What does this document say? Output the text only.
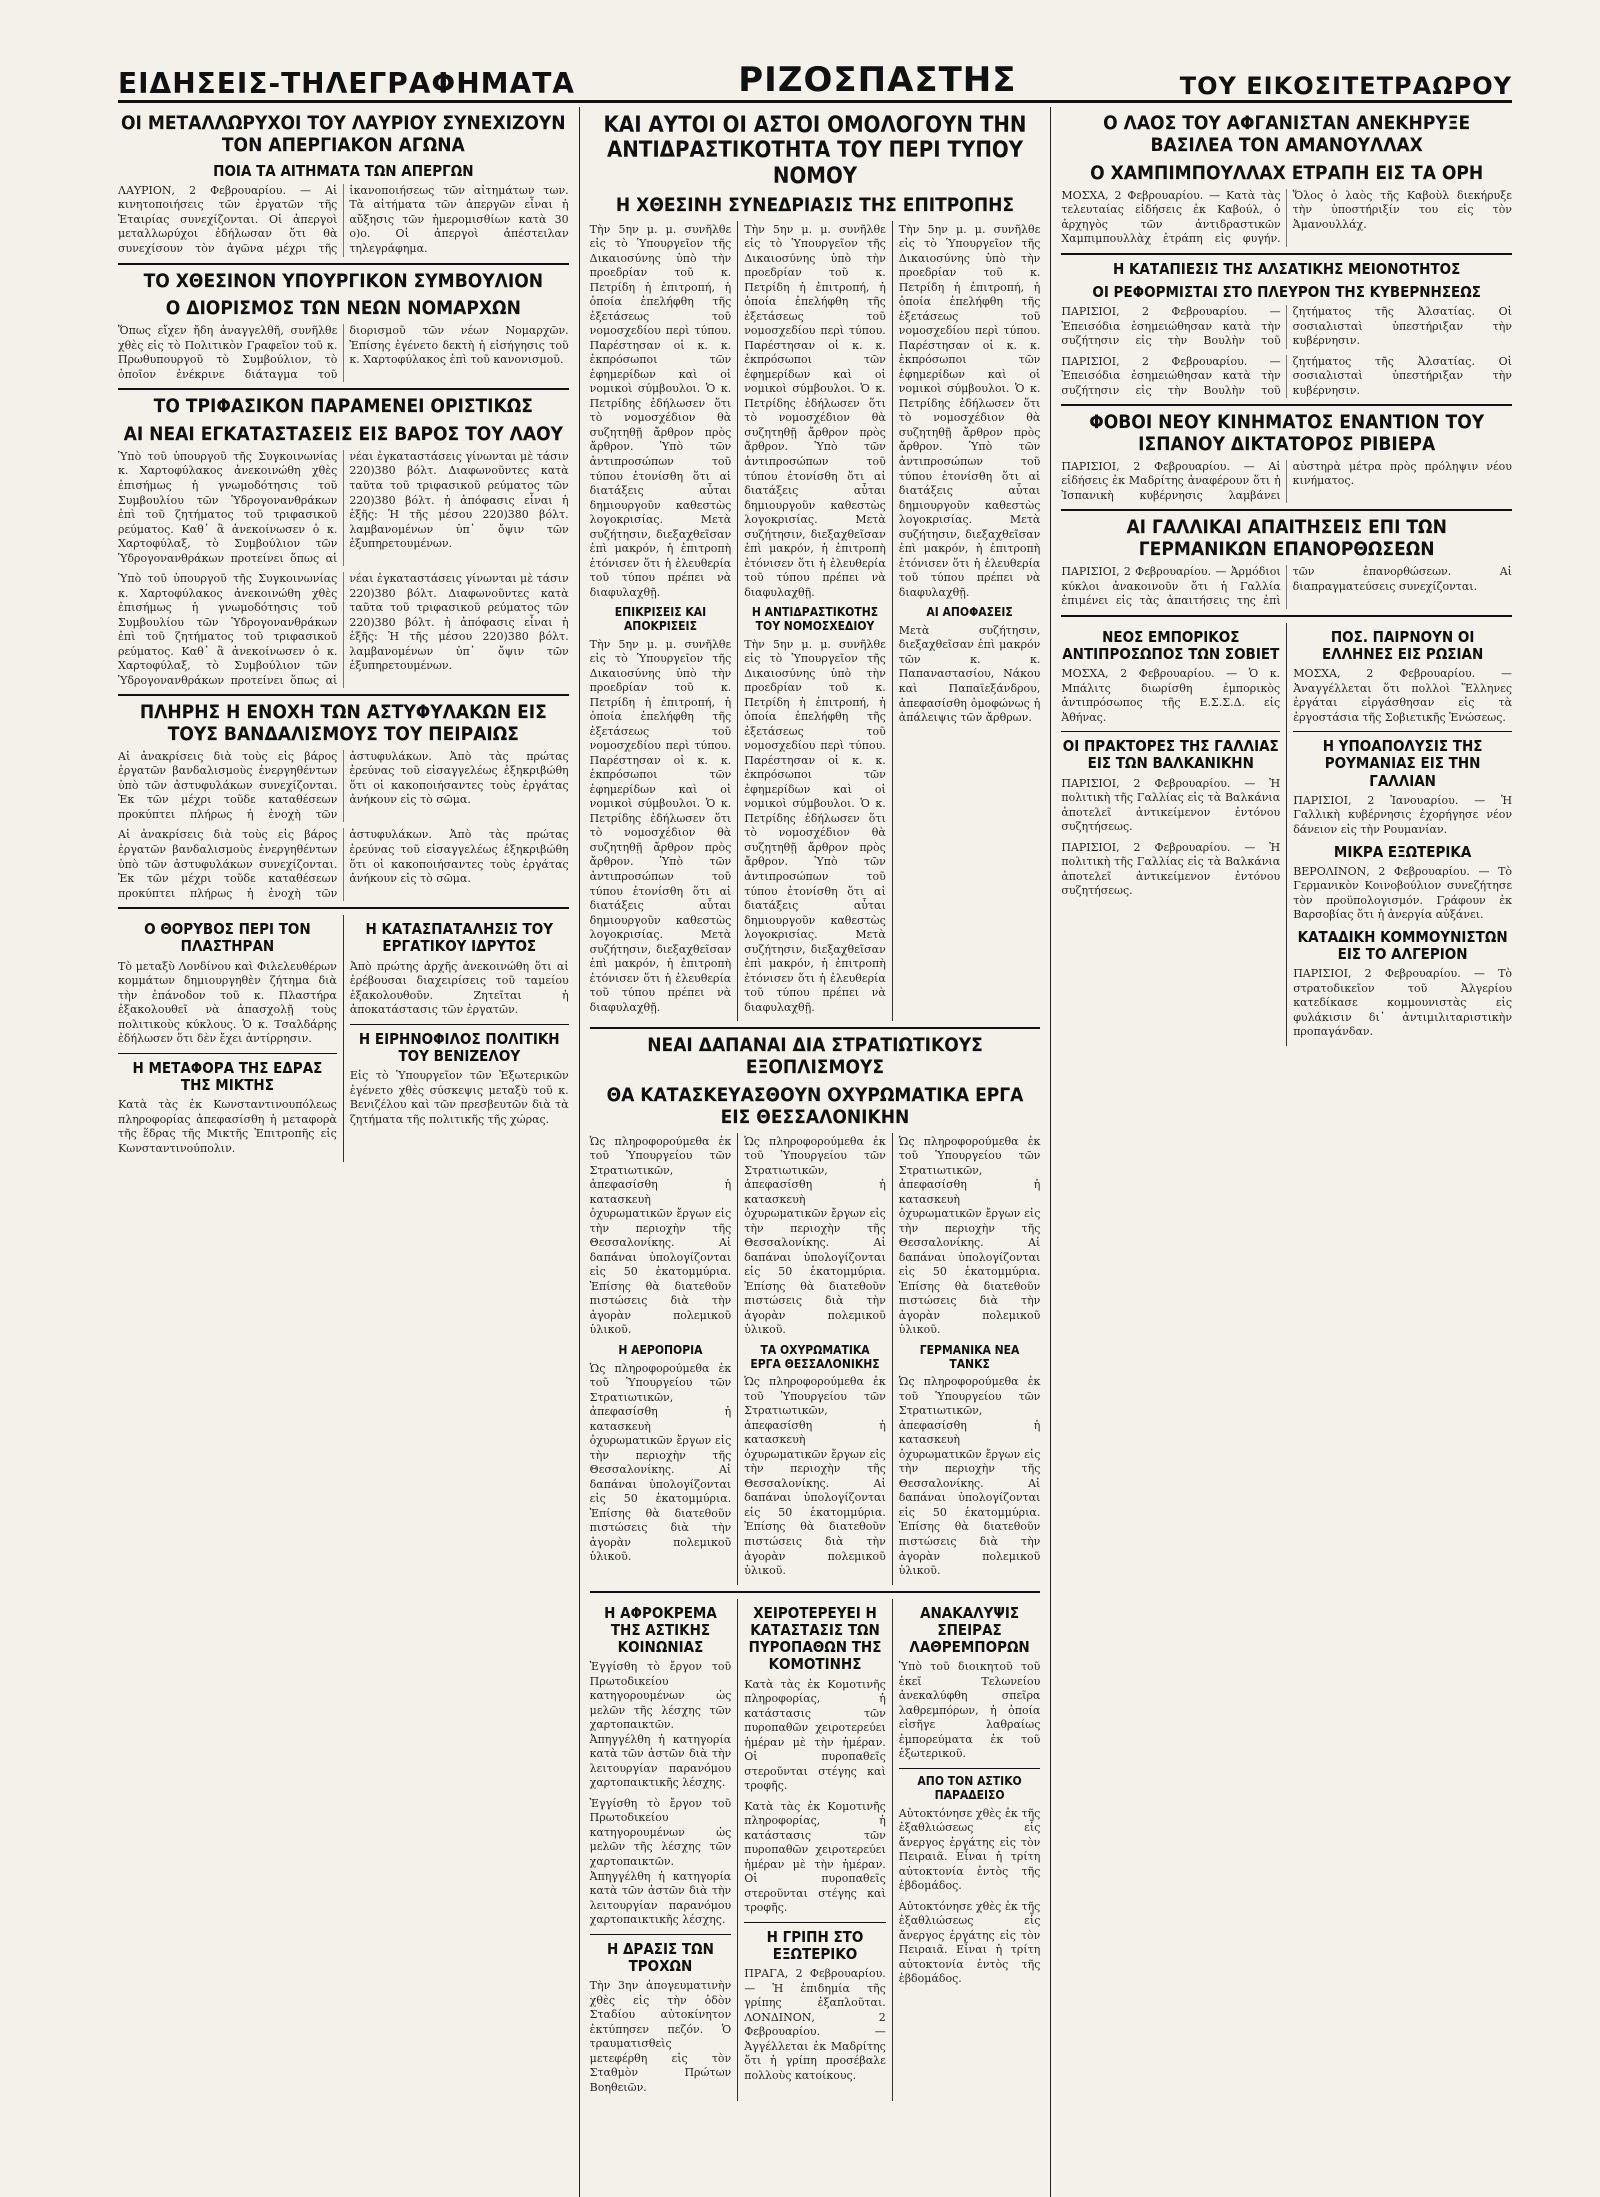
ΕΙΔΗΣΕΙΣ-ΤΗΛΕΓΡΑΦΗΜΑΤΑ	ΡΙΖΟΣΠΑΣΤΗΣ	ΤΟΥ ΕΙΚΟΣΙΤΕΤΡΑΩΡΟΥ
ΟΙ ΜΕΤΑΛΛΩΡΥΧΟΙ ΤΟΥ ΛΑΥΡΙΟΥ ΣΥΝΕΧΙΖΟΥΝ ΤΟΝ ΑΠΕΡΓΙΑΚΟΝ ΑΓΩΝΑ
ΠΟΙΑ ΤΑ ΑΙΤΗΜΑΤΑ ΤΩΝ ΑΠΕΡΓΩΝ
ΛΑΥΡΙΟΝ, 2 Φεβρουαρίου. — Αἱ κινητοποιήσεις τῶν ἐργατῶν τῆς Ἑταιρίας συνεχίζονται. Οἱ ἀπεργοὶ μεταλλωρύχοι ἐδήλωσαν ὅτι θὰ συνεχίσουν τὸν ἀγῶνα μέχρι τῆς ἱκανοποιήσεως τῶν αἰτημάτων των. Τὰ αἰτήματα τῶν ἀπεργῶν εἶναι ἡ αὔξησις τῶν ἡμερομισθίων κατὰ 30 ο)ο. Οἱ ἀπεργοὶ ἀπέστειλαν τηλεγράφημα.
ΤΟ ΧΘΕΣΙΝΟΝ ΥΠΟΥΡΓΙΚΟΝ ΣΥΜΒΟΥΛΙΟΝ
Ο ΔΙΟΡΙΣΜΟΣ ΤΩΝ ΝΕΩΝ ΝΟΜΑΡΧΩΝ
Ὅπως εἴχεν ἤδη ἀναγγελθῆ, συνῆλθε χθὲς εἰς τὸ Πολιτικὸν Γραφεῖον τοῦ κ. Πρωθυπουργοῦ τὸ Συμβούλιον, τὸ ὁποῖον ἐνέκρινε διάταγμα τοῦ διορισμοῦ τῶν νέων Νομαρχῶν. Ἐπίσης ἐγένετο δεκτὴ ἡ εἰσήγησις τοῦ κ. Χαρτοφύλακος ἐπὶ τοῦ κανονισμοῦ.
ΤΟ ΤΡΙΦΑΣΙΚΟΝ ΠΑΡΑΜΕΝΕΙ ΟΡΙΣΤΙΚΩΣ
ΑΙ ΝΕΑΙ ΕΓΚΑΤΑΣΤΑΣΕΙΣ ΕΙΣ ΒΑΡΟΣ ΤΟΥ ΛΑΟΥ
Ὑπὸ τοῦ ὑπουργοῦ τῆς Συγκοινωνίας κ. Χαρτοφύλακος ἀνεκοινώθη χθὲς ἐπισήμως ἡ γνωμοδότησις τοῦ Συμβουλίου τῶν Ὑδρογονανθράκων ἐπὶ τοῦ ζητήματος τοῦ τριφασικοῦ ρεύματος. Καθ᾽ ἃ ἀνεκοίνωσεν ὁ κ. Χαρτοφύλαξ, τὸ Συμβούλιον τῶν Ὑδρογονανθράκων προτείνει ὅπως αἱ νέαι ἐγκαταστάσεις γίνωνται μὲ τάσιν 220)380 βόλτ. Διαφωνοῦντες κατὰ ταῦτα τοῦ τριφασικοῦ ρεύματος τῶν 220)380 βόλτ. ἡ ἀπόφασις εἶναι ἡ ἑξῆς: Ἡ τῆς μέσου 220)380 βόλτ. λαμβανομένων ὑπ᾽ ὄψιν τῶν ἐξυπηρετουμένων.
Ὑπὸ τοῦ ὑπουργοῦ τῆς Συγκοινωνίας κ. Χαρτοφύλακος ἀνεκοινώθη χθὲς ἐπισήμως ἡ γνωμοδότησις τοῦ Συμβουλίου τῶν Ὑδρογονανθράκων ἐπὶ τοῦ ζητήματος τοῦ τριφασικοῦ ρεύματος. Καθ᾽ ἃ ἀνεκοίνωσεν ὁ κ. Χαρτοφύλαξ, τὸ Συμβούλιον τῶν Ὑδρογονανθράκων προτείνει ὅπως αἱ νέαι ἐγκαταστάσεις γίνωνται μὲ τάσιν 220)380 βόλτ. Διαφωνοῦντες κατὰ ταῦτα τοῦ τριφασικοῦ ρεύματος τῶν 220)380 βόλτ. ἡ ἀπόφασις εἶναι ἡ ἑξῆς: Ἡ τῆς μέσου 220)380 βόλτ. λαμβανομένων ὑπ᾽ ὄψιν τῶν ἐξυπηρετουμένων.
ΠΛΗΡΗΣ Η ΕΝΟΧΗ ΤΩΝ ΑΣΤΥΦΥΛΑΚΩΝ ΕΙΣ ΤΟΥΣ ΒΑΝΔΑΛΙΣΜΟΥΣ ΤΟΥ ΠΕΙΡΑΙΩΣ
Αἱ ἀνακρίσεις διὰ τοὺς εἰς βάρος ἐργατῶν βανδαλισμοὺς ἐνεργηθέντων ὑπὸ τῶν ἀστυφυλάκων συνεχίζονται. Ἐκ τῶν μέχρι τοῦδε καταθέσεων προκύπτει πλήρως ἡ ἐνοχὴ τῶν ἀστυφυλάκων. Ἀπὸ τὰς πρώτας ἐρεύνας τοῦ εἰσαγγελέως ἐξηκριβώθη ὅτι οἱ κακοποιήσαντες τοὺς ἐργάτας ἀνήκουν εἰς τὸ σῶμα.
Αἱ ἀνακρίσεις διὰ τοὺς εἰς βάρος ἐργατῶν βανδαλισμοὺς ἐνεργηθέντων ὑπὸ τῶν ἀστυφυλάκων συνεχίζονται. Ἐκ τῶν μέχρι τοῦδε καταθέσεων προκύπτει πλήρως ἡ ἐνοχὴ τῶν ἀστυφυλάκων. Ἀπὸ τὰς πρώτας ἐρεύνας τοῦ εἰσαγγελέως ἐξηκριβώθη ὅτι οἱ κακοποιήσαντες τοὺς ἐργάτας ἀνήκουν εἰς τὸ σῶμα.
Ο ΘΟΡΥΒΟΣ ΠΕΡΙ ΤΟΝ ΠΛΑΣΤΗΡΑΝ
Τὸ μεταξὺ Λονδίνου καὶ Φιλελευθέρων κομμάτων δημιουργηθὲν ζήτημα διὰ τὴν ἐπάνοδον τοῦ κ. Πλαστήρα ἐξακολουθεῖ νὰ ἀπασχολῇ τοὺς πολιτικοὺς κύκλους. Ὁ κ. Τσαλδάρης ἐδήλωσεν ὅτι δὲν ἔχει ἀντίρρησιν.
Η ΜΕΤΑΦΟΡΑ ΤΗΣ ΕΔΡΑΣ ΤΗΣ ΜΙΚΤΗΣ
Κατὰ τὰς ἐκ Κωνσταντινουπόλεως πληροφορίας ἀπεφασίσθη ἡ μεταφορὰ τῆς ἕδρας τῆς Μικτῆς Ἐπιτροπῆς εἰς Κωνσταντινούπολιν.
Η ΚΑΤΑΣΠΑΤΑΛΗΣΙΣ ΤΟΥ ΕΡΓΑΤΙΚΟΥ ΙΔΡΥΤΟΣ
Ἀπὸ πρώτης ἀρχῆς ἀνεκοινώθη ὅτι αἱ ἐρέβουσαι διαχειρίσεις τοῦ ταμείου ἐξακολουθοῦν. Ζητεῖται ἡ ἀποκατάστασις τῶν ἐργατῶν.
Η ΕΙΡΗΝΟΦΙΛΟΣ ΠΟΛΙΤΙΚΗ ΤΟΥ ΒΕΝΙΖΕΛΟΥ
Εἰς τὸ Ὑπουργεῖον τῶν Ἐξωτερικῶν ἐγένετο χθὲς σύσκεψις μεταξὺ τοῦ κ. Βενιζέλου καὶ τῶν πρεσβευτῶν διὰ τὰ ζητήματα τῆς πολιτικῆς τῆς χώρας.
ΚΑΙ ΑΥΤΟΙ ΟΙ ΑΣΤΟΙ ΟΜΟΛΟΓΟΥΝ ΤΗΝ ΑΝΤΙΔΡΑΣΤΙΚΟΤΗΤΑ ΤΟΥ ΠΕΡΙ ΤΥΠΟΥ ΝΟΜΟΥ
Η ΧΘΕΣΙΝΗ ΣΥΝΕΔΡΙΑΣΙΣ ΤΗΣ ΕΠΙΤΡΟΠΗΣ
Τὴν 5ην μ. μ. συνῆλθε εἰς τὸ Ὑπουργεῖον τῆς Δικαιοσύνης ὑπὸ τὴν προεδρίαν τοῦ κ. Πετρίδη ἡ ἐπιτροπή, ἡ ὁποία ἐπελήφθη τῆς ἐξετάσεως τοῦ νομοσχεδίου περὶ τύπου. Παρέστησαν οἱ κ. κ. ἐκπρόσωποι τῶν ἐφημερίδων καὶ οἱ νομικοὶ σύμβουλοι. Ὁ κ. Πετρίδης ἐδήλωσεν ὅτι τὸ νομοσχέδιον θὰ συζητηθῇ ἄρθρον πρὸς ἄρθρον. Ὑπὸ τῶν ἀντιπροσώπων τοῦ τύπου ἐτονίσθη ὅτι αἱ διατάξεις αὗται δημιουργοῦν καθεστὼς λογοκρισίας. Μετὰ συζήτησιν, διεξαχθεῖσαν ἐπὶ μακρόν, ἡ ἐπιτροπὴ ἐτόνισεν ὅτι ἡ ἐλευθερία τοῦ τύπου πρέπει νὰ διαφυλαχθῇ.
ΕΠΙΚΡΙΣΕΙΣ ΚΑΙ ΑΠΟΚΡΙΣΕΙΣ
Τὴν 5ην μ. μ. συνῆλθε εἰς τὸ Ὑπουργεῖον τῆς Δικαιοσύνης ὑπὸ τὴν προεδρίαν τοῦ κ. Πετρίδη ἡ ἐπιτροπή, ἡ ὁποία ἐπελήφθη τῆς ἐξετάσεως τοῦ νομοσχεδίου περὶ τύπου. Παρέστησαν οἱ κ. κ. ἐκπρόσωποι τῶν ἐφημερίδων καὶ οἱ νομικοὶ σύμβουλοι. Ὁ κ. Πετρίδης ἐδήλωσεν ὅτι τὸ νομοσχέδιον θὰ συζητηθῇ ἄρθρον πρὸς ἄρθρον. Ὑπὸ τῶν ἀντιπροσώπων τοῦ τύπου ἐτονίσθη ὅτι αἱ διατάξεις αὗται δημιουργοῦν καθεστὼς λογοκρισίας. Μετὰ συζήτησιν, διεξαχθεῖσαν ἐπὶ μακρόν, ἡ ἐπιτροπὴ ἐτόνισεν ὅτι ἡ ἐλευθερία τοῦ τύπου πρέπει νὰ διαφυλαχθῇ.
Τὴν 5ην μ. μ. συνῆλθε εἰς τὸ Ὑπουργεῖον τῆς Δικαιοσύνης ὑπὸ τὴν προεδρίαν τοῦ κ. Πετρίδη ἡ ἐπιτροπή, ἡ ὁποία ἐπελήφθη τῆς ἐξετάσεως τοῦ νομοσχεδίου περὶ τύπου. Παρέστησαν οἱ κ. κ. ἐκπρόσωποι τῶν ἐφημερίδων καὶ οἱ νομικοὶ σύμβουλοι. Ὁ κ. Πετρίδης ἐδήλωσεν ὅτι τὸ νομοσχέδιον θὰ συζητηθῇ ἄρθρον πρὸς ἄρθρον. Ὑπὸ τῶν ἀντιπροσώπων τοῦ τύπου ἐτονίσθη ὅτι αἱ διατάξεις αὗται δημιουργοῦν καθεστὼς λογοκρισίας. Μετὰ συζήτησιν, διεξαχθεῖσαν ἐπὶ μακρόν, ἡ ἐπιτροπὴ ἐτόνισεν ὅτι ἡ ἐλευθερία τοῦ τύπου πρέπει νὰ διαφυλαχθῇ.
Η ΑΝΤΙΔΡΑΣΤΙΚΟΤΗΣ ΤΟΥ ΝΟΜΟΣΧΕΔΙΟΥ
Τὴν 5ην μ. μ. συνῆλθε εἰς τὸ Ὑπουργεῖον τῆς Δικαιοσύνης ὑπὸ τὴν προεδρίαν τοῦ κ. Πετρίδη ἡ ἐπιτροπή, ἡ ὁποία ἐπελήφθη τῆς ἐξετάσεως τοῦ νομοσχεδίου περὶ τύπου. Παρέστησαν οἱ κ. κ. ἐκπρόσωποι τῶν ἐφημερίδων καὶ οἱ νομικοὶ σύμβουλοι. Ὁ κ. Πετρίδης ἐδήλωσεν ὅτι τὸ νομοσχέδιον θὰ συζητηθῇ ἄρθρον πρὸς ἄρθρον. Ὑπὸ τῶν ἀντιπροσώπων τοῦ τύπου ἐτονίσθη ὅτι αἱ διατάξεις αὗται δημιουργοῦν καθεστὼς λογοκρισίας. Μετὰ συζήτησιν, διεξαχθεῖσαν ἐπὶ μακρόν, ἡ ἐπιτροπὴ ἐτόνισεν ὅτι ἡ ἐλευθερία τοῦ τύπου πρέπει νὰ διαφυλαχθῇ.
Τὴν 5ην μ. μ. συνῆλθε εἰς τὸ Ὑπουργεῖον τῆς Δικαιοσύνης ὑπὸ τὴν προεδρίαν τοῦ κ. Πετρίδη ἡ ἐπιτροπή, ἡ ὁποία ἐπελήφθη τῆς ἐξετάσεως τοῦ νομοσχεδίου περὶ τύπου. Παρέστησαν οἱ κ. κ. ἐκπρόσωποι τῶν ἐφημερίδων καὶ οἱ νομικοὶ σύμβουλοι. Ὁ κ. Πετρίδης ἐδήλωσεν ὅτι τὸ νομοσχέδιον θὰ συζητηθῇ ἄρθρον πρὸς ἄρθρον. Ὑπὸ τῶν ἀντιπροσώπων τοῦ τύπου ἐτονίσθη ὅτι αἱ διατάξεις αὗται δημιουργοῦν καθεστὼς λογοκρισίας. Μετὰ συζήτησιν, διεξαχθεῖσαν ἐπὶ μακρόν, ἡ ἐπιτροπὴ ἐτόνισεν ὅτι ἡ ἐλευθερία τοῦ τύπου πρέπει νὰ διαφυλαχθῇ.
ΑΙ ΑΠΟΦΑΣΕΙΣ
Μετὰ συζήτησιν, διεξαχθεῖσαν ἐπὶ μακρόν τῶν κ. κ. Παπαναστασίου, Νάκου καὶ Παπαϊεξάνδρου, ἀπεφασίσθη ὁμοφώνως ἡ ἀπάλειψις τῶν ἄρθρων.
ΝΕΑΙ ΔΑΠΑΝΑΙ ΔΙΑ ΣΤΡΑΤΙΩΤΙΚΟΥΣ ΕΞΟΠΛΙΣΜΟΥΣ
ΘΑ ΚΑΤΑΣΚΕΥΑΣΘΟΥΝ ΟΧΥΡΩΜΑΤΙΚΑ ΕΡΓΑ ΕΙΣ ΘΕΣΣΑΛΟΝΙΚΗΝ
Ὡς πληροφορούμεθα ἐκ τοῦ Ὑπουργείου τῶν Στρατιωτικῶν, ἀπεφασίσθη ἡ κατασκευὴ ὀχυρωματικῶν ἔργων εἰς τὴν περιοχὴν τῆς Θεσσαλονίκης. Αἱ δαπάναι ὑπολογίζονται εἰς 50 ἑκατομμύρια. Ἐπίσης θὰ διατεθοῦν πιστώσεις διὰ τὴν ἀγορὰν πολεμικοῦ ὑλικοῦ.
Η ΑΕΡΟΠΟΡΙΑ
Ὡς πληροφορούμεθα ἐκ τοῦ Ὑπουργείου τῶν Στρατιωτικῶν, ἀπεφασίσθη ἡ κατασκευὴ ὀχυρωματικῶν ἔργων εἰς τὴν περιοχὴν τῆς Θεσσαλονίκης. Αἱ δαπάναι ὑπολογίζονται εἰς 50 ἑκατομμύρια. Ἐπίσης θὰ διατεθοῦν πιστώσεις διὰ τὴν ἀγορὰν πολεμικοῦ ὑλικοῦ.
Ὡς πληροφορούμεθα ἐκ τοῦ Ὑπουργείου τῶν Στρατιωτικῶν, ἀπεφασίσθη ἡ κατασκευὴ ὀχυρωματικῶν ἔργων εἰς τὴν περιοχὴν τῆς Θεσσαλονίκης. Αἱ δαπάναι ὑπολογίζονται εἰς 50 ἑκατομμύρια. Ἐπίσης θὰ διατεθοῦν πιστώσεις διὰ τὴν ἀγορὰν πολεμικοῦ ὑλικοῦ.
ΤΑ ΟΧΥΡΩΜΑΤΙΚΑ ΕΡΓΑ ΘΕΣΣΑΛΟΝΙΚΗΣ
Ὡς πληροφορούμεθα ἐκ τοῦ Ὑπουργείου τῶν Στρατιωτικῶν, ἀπεφασίσθη ἡ κατασκευὴ ὀχυρωματικῶν ἔργων εἰς τὴν περιοχὴν τῆς Θεσσαλονίκης. Αἱ δαπάναι ὑπολογίζονται εἰς 50 ἑκατομμύρια. Ἐπίσης θὰ διατεθοῦν πιστώσεις διὰ τὴν ἀγορὰν πολεμικοῦ ὑλικοῦ.
Ὡς πληροφορούμεθα ἐκ τοῦ Ὑπουργείου τῶν Στρατιωτικῶν, ἀπεφασίσθη ἡ κατασκευὴ ὀχυρωματικῶν ἔργων εἰς τὴν περιοχὴν τῆς Θεσσαλονίκης. Αἱ δαπάναι ὑπολογίζονται εἰς 50 ἑκατομμύρια. Ἐπίσης θὰ διατεθοῦν πιστώσεις διὰ τὴν ἀγορὰν πολεμικοῦ ὑλικοῦ.
ΓΕΡΜΑΝΙΚΑ ΝΕΑ ΤΑΝΚΣ
Ὡς πληροφορούμεθα ἐκ τοῦ Ὑπουργείου τῶν Στρατιωτικῶν, ἀπεφασίσθη ἡ κατασκευὴ ὀχυρωματικῶν ἔργων εἰς τὴν περιοχὴν τῆς Θεσσαλονίκης. Αἱ δαπάναι ὑπολογίζονται εἰς 50 ἑκατομμύρια. Ἐπίσης θὰ διατεθοῦν πιστώσεις διὰ τὴν ἀγορὰν πολεμικοῦ ὑλικοῦ.
Η ΑΦΡΟΚΡΕΜΑ ΤΗΣ ΑΣΤΙΚΗΣ ΚΟΙΝΩΝΙΑΣ
Ἐγγίσθη τὸ ἔργον τοῦ Πρωτοδικείου κατηγορουμένων ὡς μελῶν τῆς λέσχης τῶν χαρτοπαικτῶν. Ἀπηγγέλθη ἡ κατηγορία κατὰ τῶν ἀστῶν διὰ τὴν λειτουργίαν παρανόμου χαρτοπαικτικῆς λέσχης.
Ἐγγίσθη τὸ ἔργον τοῦ Πρωτοδικείου κατηγορουμένων ὡς μελῶν τῆς λέσχης τῶν χαρτοπαικτῶν. Ἀπηγγέλθη ἡ κατηγορία κατὰ τῶν ἀστῶν διὰ τὴν λειτουργίαν παρανόμου χαρτοπαικτικῆς λέσχης.
Η ΔΡΑΣΙΣ ΤΩΝ ΤΡΟΧΩΝ
Τὴν 3ην ἀπογευματινὴν χθὲς εἰς τὴν ὁδὸν Σταδίου αὐτοκίνητον ἐκτύπησεν πεζόν. Ὁ τραυματισθεὶς μετεφέρθη εἰς τὸν Σταθμὸν Πρώτων Βοηθειῶν.
ΧΕΙΡΟΤΕΡΕΥΕΙ Η ΚΑΤΑΣΤΑΣΙΣ ΤΩΝ ΠΥΡΟΠΑΘΩΝ ΤΗΣ ΚΟΜΟΤΙΝΗΣ
Κατὰ τὰς ἐκ Κομοτινῆς πληροφορίας, ἡ κατάστασις τῶν πυροπαθῶν χειροτερεύει ἡμέραν μὲ τὴν ἡμέραν. Οἱ πυροπαθεῖς στεροῦνται στέγης καὶ τροφῆς.
Κατὰ τὰς ἐκ Κομοτινῆς πληροφορίας, ἡ κατάστασις τῶν πυροπαθῶν χειροτερεύει ἡμέραν μὲ τὴν ἡμέραν. Οἱ πυροπαθεῖς στεροῦνται στέγης καὶ τροφῆς.
Η ΓΡΙΠΗ ΣΤΟ ΕΞΩΤΕΡΙΚΟ
ΠΡΑΓΑ, 2 Φεβρουαρίου. — Ἡ ἐπιδημία τῆς γρίπης ἐξαπλοῦται. ΛΟΝΔΙΝΟΝ, 2 Φεβρουαρίου. — Ἀγγέλλεται ἐκ Μαδρίτης ὅτι ἡ γρίπη προσέβαλε πολλοὺς κατοίκους.
ΑΝΑΚΑΛΥΨΙΣ ΣΠΕΙΡΑΣ ΛΑΘΡΕΜΠΟΡΩΝ
Ὑπὸ τοῦ διοικητοῦ τοῦ ἐκεῖ Τελωνείου ἀνεκαλύφθη σπεῖρα λαθρεμπόρων, ἡ ὁποία εἰσῆγε λαθραίως ἐμπορεύματα ἐκ τοῦ ἐξωτερικοῦ.
ΑΠΟ ΤΟΝ ΑΣΤΙΚΟ ΠΑΡΑΔΕΙΣΟ
Αὐτοκτόνησε χθὲς ἐκ τῆς ἐξαθλιώσεως εἷς ἄνεργος ἐργάτης εἰς τὸν Πειραιᾶ. Εἶναι ἡ τρίτη αὐτοκτονία ἐντὸς τῆς ἑβδομάδος.
Αὐτοκτόνησε χθὲς ἐκ τῆς ἐξαθλιώσεως εἷς ἄνεργος ἐργάτης εἰς τὸν Πειραιᾶ. Εἶναι ἡ τρίτη αὐτοκτονία ἐντὸς τῆς ἑβδομάδος.
Ο ΛΑΟΣ ΤΟΥ ΑΦΓΑΝΙΣΤΑΝ ΑΝΕΚΗΡΥΞΕ ΒΑΣΙΛΕΑ ΤΟΝ ΑΜΑΝΟΥΛΛΑΧ
Ο ΧΑΜΠΙΜΠΟΥΛΛΑΧ ΕΤΡΑΠΗ ΕΙΣ ΤΑ ΟΡΗ
ΜΟΣΧΑ, 2 Φεβρουαρίου. — Κατὰ τὰς τελευταίας εἰδήσεις ἐκ Καβούλ, ὁ ἀρχηγὸς τῶν ἀντιδραστικῶν Χαμπιμπουλλὰχ ἐτράπη εἰς φυγήν. Ὅλος ὁ λαὸς τῆς Καβοὺλ διεκήρυξε τὴν ὑποστήριξίν του εἰς τὸν Ἀμανουλλάχ.
Η ΚΑΤΑΠΙΕΣΙΣ ΤΗΣ ΑΛΣΑΤΙΚΗΣ ΜΕΙΟΝΟΤΗΤΟΣ
ΟΙ ΡΕΦΟΡΜΙΣΤΑΙ ΣΤΟ ΠΛΕΥΡΟΝ ΤΗΣ ΚΥΒΕΡΝΗΣΕΩΣ
ΠΑΡΙΣΙΟΙ, 2 Φεβρουαρίου. — Ἐπεισόδια ἐσημειώθησαν κατὰ τὴν συζήτησιν εἰς τὴν Βουλὴν τοῦ ζητήματος τῆς Ἀλσατίας. Οἱ σοσιαλισταὶ ὑπεστήριξαν τὴν κυβέρνησιν.
ΠΑΡΙΣΙΟΙ, 2 Φεβρουαρίου. — Ἐπεισόδια ἐσημειώθησαν κατὰ τὴν συζήτησιν εἰς τὴν Βουλὴν τοῦ ζητήματος τῆς Ἀλσατίας. Οἱ σοσιαλισταὶ ὑπεστήριξαν τὴν κυβέρνησιν.
ΦΟΒΟΙ ΝΕΟΥ ΚΙΝΗΜΑΤΟΣ ΕΝΑΝΤΙΟΝ ΤΟΥ ΙΣΠΑΝΟΥ ΔΙΚΤΑΤΟΡΟΣ ΡΙΒΙΕΡΑ
ΠΑΡΙΣΙΟΙ, 2 Φεβρουαρίου. — Αἱ εἰδήσεις ἐκ Μαδρίτης ἀναφέρουν ὅτι ἡ Ἰσπανικὴ κυβέρνησις λαμβάνει αὐστηρὰ μέτρα πρὸς πρόληψιν νέου κινήματος.
ΑΙ ΓΑΛΛΙΚΑΙ ΑΠΑΙΤΗΣΕΙΣ ΕΠΙ ΤΩΝ ΓΕΡΜΑΝΙΚΩΝ ΕΠΑΝΟΡΘΩΣΕΩΝ
ΠΑΡΙΣΙΟΙ, 2 Φεβρουαρίου. — Ἀρμόδιοι κύκλοι ἀνακοινοῦν ὅτι ἡ Γαλλία ἐπιμένει εἰς τὰς ἀπαιτήσεις της ἐπὶ τῶν ἐπανορθώσεων. Αἱ διαπραγματεύσεις συνεχίζονται.
ΝΕΟΣ ΕΜΠΟΡΙΚΟΣ ΑΝΤΙΠΡΟΣΩΠΟΣ ΤΩΝ ΣΟΒΙΕΤ
ΜΟΣΧΑ, 2 Φεβρουαρίου. — Ὁ κ. Μπάλιτς διωρίσθη ἐμπορικὸς ἀντιπρόσωπος τῆς Ε.Σ.Σ.Δ. εἰς Ἀθήνας.
ΟΙ ΠΡΑΚΤΟΡΕΣ ΤΗΣ ΓΑΛΛΙΑΣ ΕΙΣ ΤΩΝ ΒΑΛΚΑΝΙΚΗΝ
ΠΑΡΙΣΙΟΙ, 2 Φεβρουαρίου. — Ἡ πολιτικὴ τῆς Γαλλίας εἰς τὰ Βαλκάνια ἀποτελεῖ ἀντικείμενον ἐντόνου συζητήσεως.
ΠΑΡΙΣΙΟΙ, 2 Φεβρουαρίου. — Ἡ πολιτικὴ τῆς Γαλλίας εἰς τὰ Βαλκάνια ἀποτελεῖ ἀντικείμενον ἐντόνου συζητήσεως.
ΠΟΣ. ΠΑΙΡΝΟΥΝ ΟΙ ΕΛΛΗΝΕΣ ΕΙΣ ΡΩΣΙΑΝ
ΜΟΣΧΑ, 2 Φεβρουαρίου. — Ἀναγγέλλεται ὅτι πολλοὶ Ἕλληνες ἐργάται εἰργάσθησαν εἰς τὰ ἐργοστάσια τῆς Σοβιετικῆς Ἑνώσεως.
Η ΥΠΟΑΠΟΛΥΣΙΣ ΤΗΣ ΡΟΥΜΑΝΙΑΣ ΕΙΣ ΤΗΝ ΓΑΛΛΙΑΝ
ΠΑΡΙΣΙΟΙ, 2 Ἰανουαρίου. — Ἡ Γαλλικὴ κυβέρνησις ἐχορήγησε νέον δάνειον εἰς τὴν Ρουμανίαν.
ΜΙΚΡΑ ΕΞΩΤΕΡΙΚΑ
ΒΕΡΟΛΙΝΟΝ, 2 Φεβρουαρίου. — Τὸ Γερμανικὸν Κοινοβούλιον συνεζήτησε τὸν προϋπολογισμόν. Γράφουν ἐκ Βαρσοβίας ὅτι ἡ ἀνεργία αὐξάνει.
ΚΑΤΑΔΙΚΗ ΚΟΜΜΟΥΝΙΣΤΩΝ ΕΙΣ ΤΟ ΑΛΓΕΡΙΟΝ
ΠΑΡΙΣΙΟΙ, 2 Φεβρουαρίου. — Τὸ στρατοδικεῖον τοῦ Ἀλγερίου κατεδίκασε κομμουνιστὰς εἰς φυλάκισιν δι᾽ ἀντιμιλιταριστικὴν προπαγάνδαν.
